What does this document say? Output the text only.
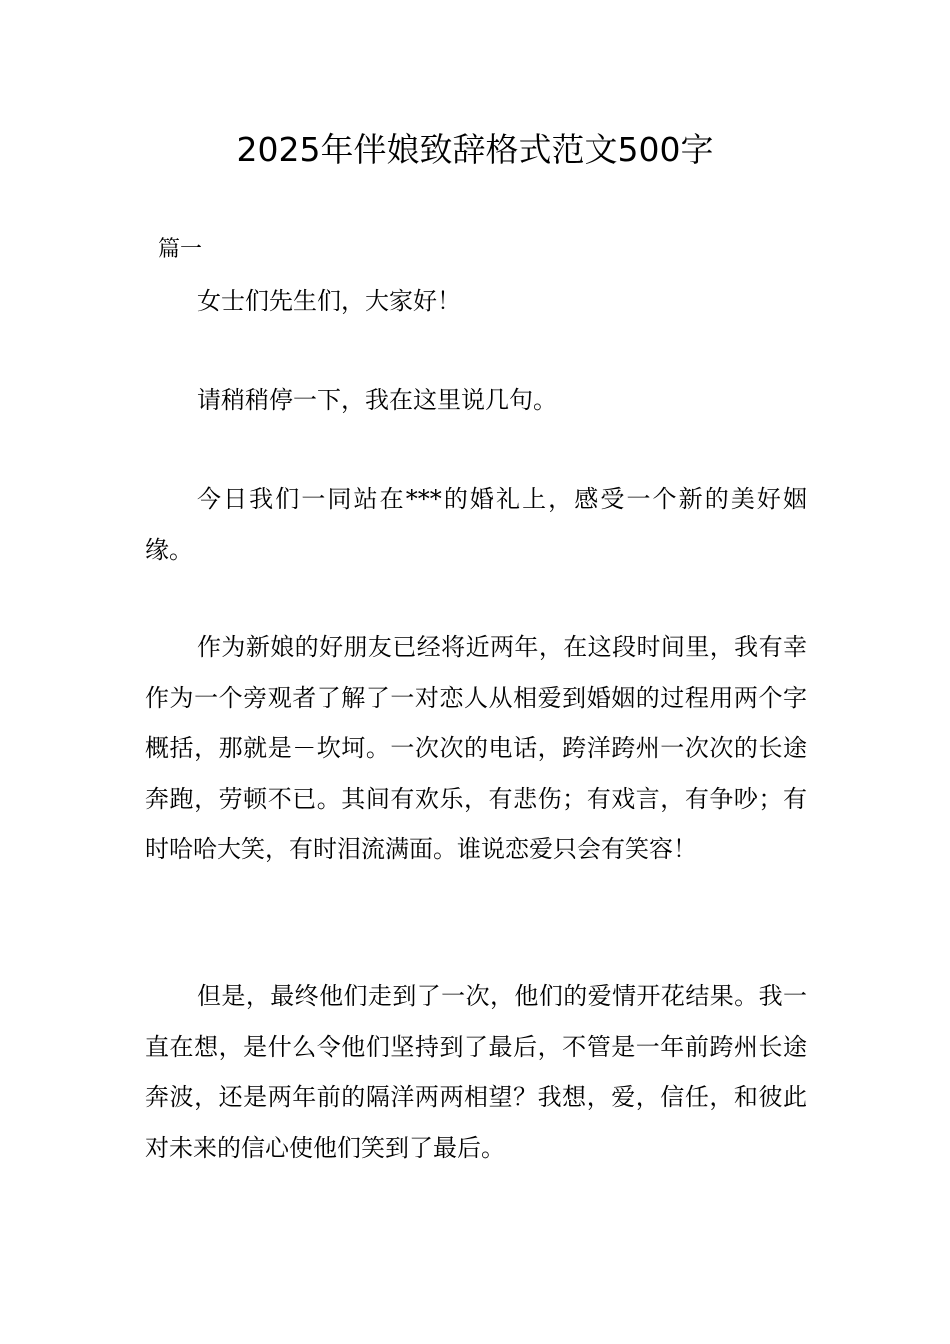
2025年伴娘致辞格式范文500字
篇一

女士们先生们，大家好！

请稍稍停一下，我在这里说几句。

今日我们一同站在***的婚礼上，感受一个新的美好姻缘。

作为新娘的好朋友已经将近两年，在这段时间里，我有幸作为一个旁观者了解了一对恋人从相爱到婚姻的过程用两个字概括，那就是－坎坷。一次次的电话，跨洋跨州一次次的长途奔跑，劳顿不已。其间有欢乐，有悲伤；有戏言，有争吵；有时哈哈大笑，有时泪流满面。谁说恋爱只会有笑容！

但是，最终他们走到了一次，他们的爱情开花结果。我一直在想，是什么令他们坚持到了最后，不管是一年前跨州长途奔波，还是两年前的隔洋两两相望？我想，爱，信任，和彼此对未来的信心使他们笑到了最后。
